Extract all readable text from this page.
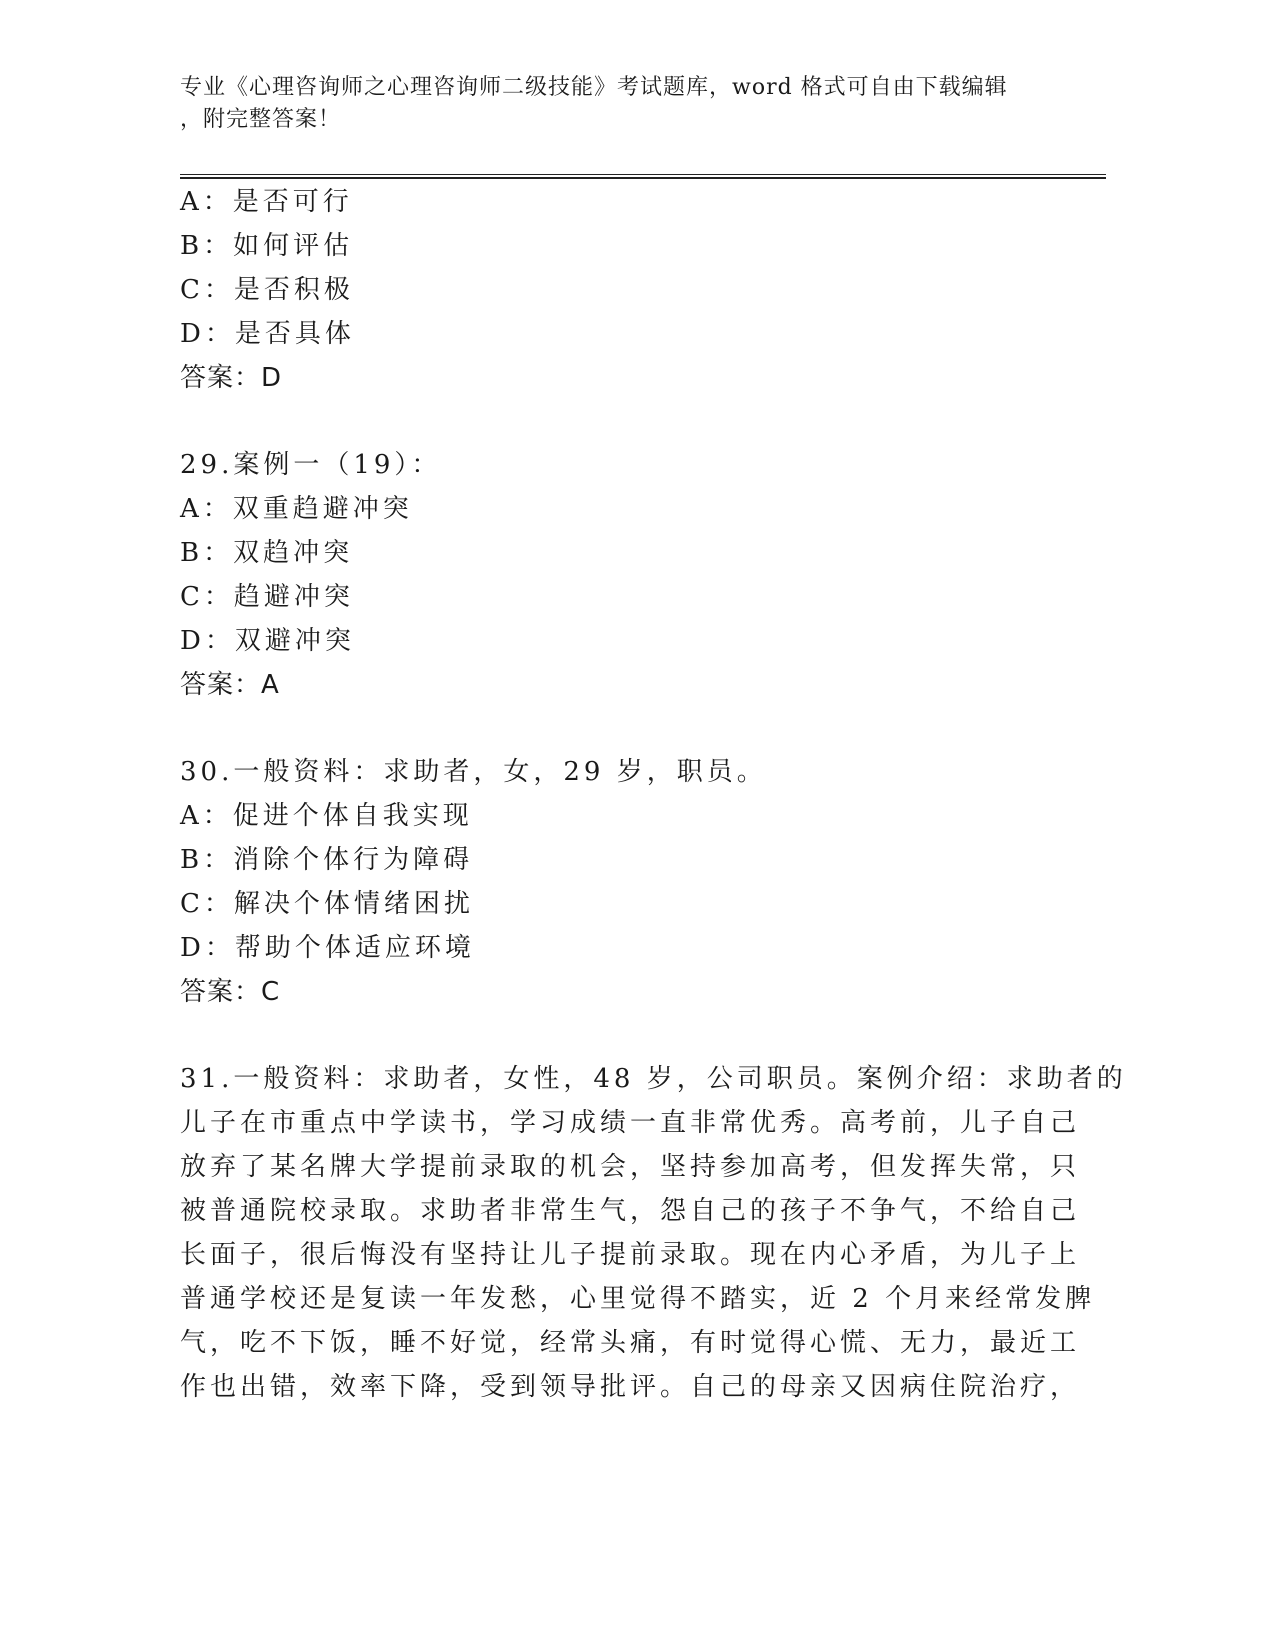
专业《心理咨询师之心理咨询师二级技能》考试题库，word 格式可自由下载编辑
，附完整答案！
A：是否可行
B：如何评估
C：是否积极
D：是否具体
答案：D
29.案例一（19）：
A：双重趋避冲突
B：双趋冲突
C：趋避冲突
D：双避冲突
答案：A
30.一般资料：求助者，女，29 岁，职员。
A：促进个体自我实现
B：消除个体行为障碍
C：解决个体情绪困扰
D：帮助个体适应环境
答案：C
31.一般资料：求助者，女性，48 岁，公司职员。案例介绍：求助者的
儿子在市重点中学读书，学习成绩一直非常优秀。高考前，儿子自己
放弃了某名牌大学提前录取的机会，坚持参加高考，但发挥失常，只
被普通院校录取。求助者非常生气，怨自己的孩子不争气，不给自己
长面子，很后悔没有坚持让儿子提前录取。现在内心矛盾，为儿子上
普通学校还是复读一年发愁，心里觉得不踏实，近 2 个月来经常发脾
气，吃不下饭，睡不好觉，经常头痛，有时觉得心慌、无力，最近工
作也出错，效率下降，受到领导批评。自己的母亲又因病住院治疗，
